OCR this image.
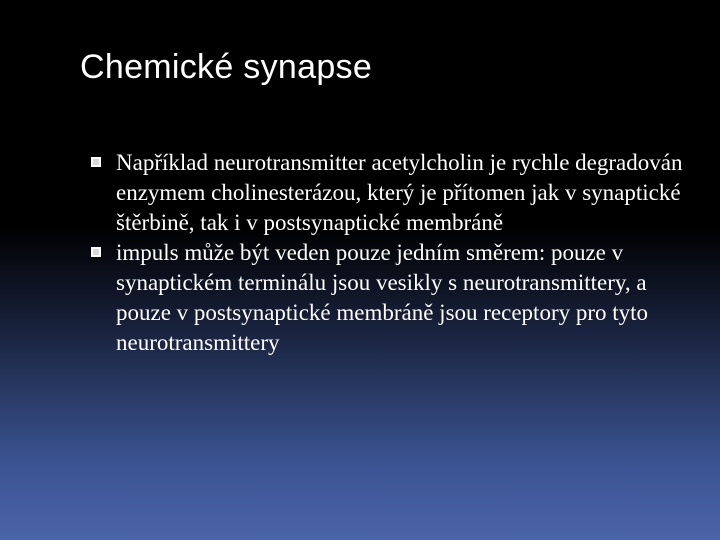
Chemické synapse
Například neurotransmitter acetylcholin je rychle degradován enzymem cholinesterázou, který je přítomen jak v synaptické štěrbině, tak i v postsynaptické membráně
impuls může být veden pouze jedním směrem: pouze v synaptickém terminálu jsou vesikly s neurotransmittery, a pouze v postsynaptické membráně jsou receptory pro tyto neurotransmittery
